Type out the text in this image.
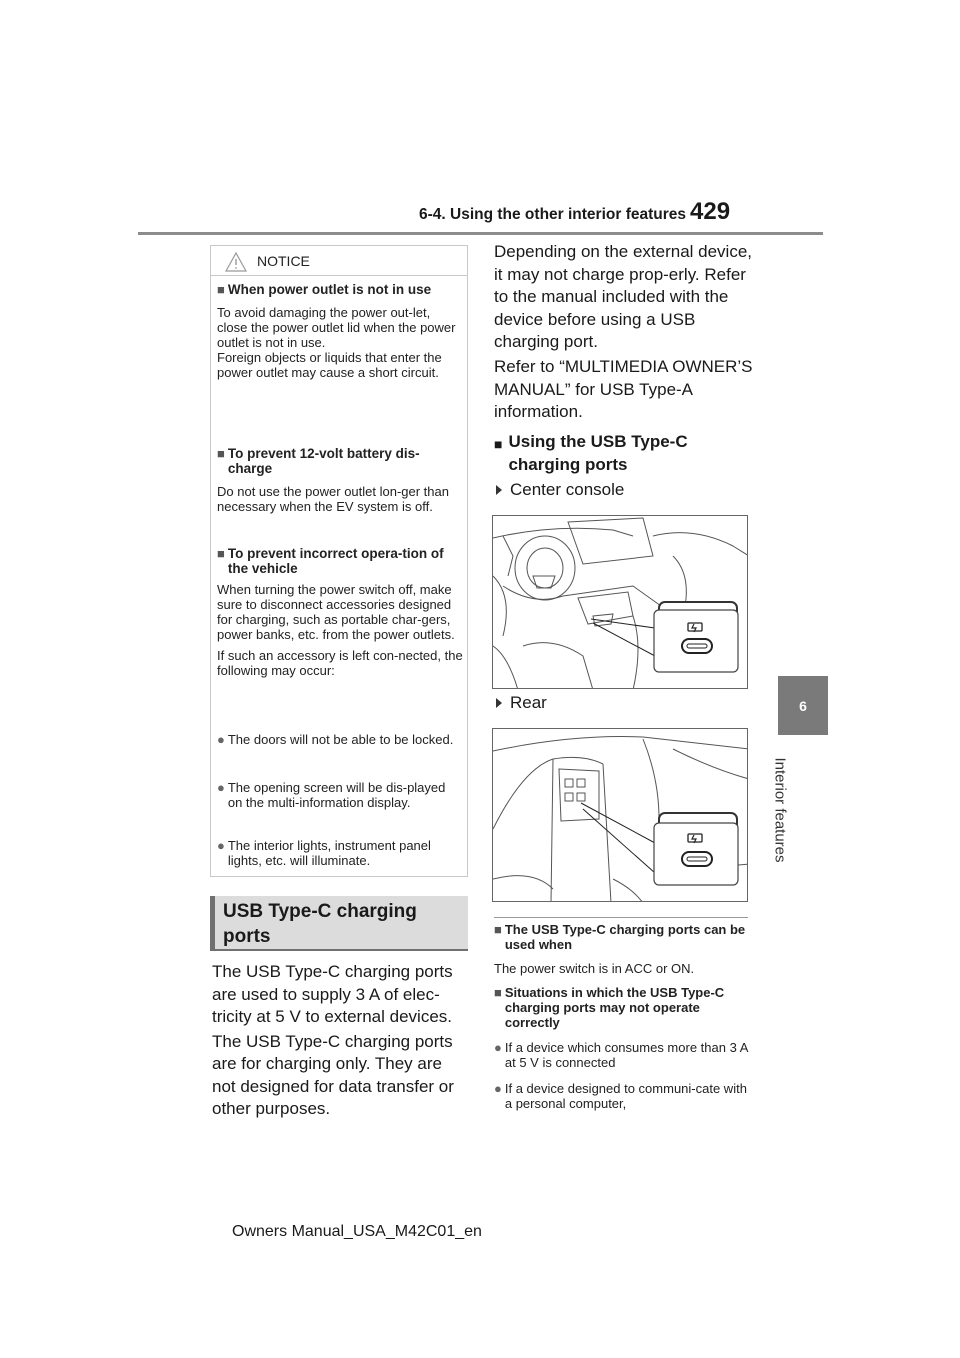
6-4. Using the other interior features 429
6
Interior features
NOTICE
■ When power outlet is not in use
To avoid damaging the power out-let, close the power outlet lid when the power outlet is not in use.
Foreign objects or liquids that enter the power outlet may cause a short circuit.
■ To prevent 12-volt battery dis-charge
Do not use the power outlet lon-ger than necessary when the EV system is off.
■ To prevent incorrect opera-tion of the vehicle
When turning the power switch off, make sure to disconnect accessories designed for charging, such as portable char-gers, power banks, etc. from the power outlets.
If such an accessory is left con-nected, the following may occur:
● The doors will not be able to be locked.
● The opening screen will be dis-played on the multi-information display.
● The interior lights, instrument panel lights, etc. will illuminate.
USB Type-C charging ports
The USB Type-C charging ports are used to supply 3 A of elec-tricity at 5 V to external devices.
The USB Type-C charging ports are for charging only. They are not designed for data transfer or other purposes.
Depending on the external device, it may not charge prop-erly. Refer to the manual included with the device before using a USB charging port.
Refer to “MULTIMEDIA OWNER’S MANUAL” for USB Type-A information.
■ Using the USB Type-C charging ports
Center console
Rear
■ The USB Type-C charging ports can be used when
The power switch is in ACC or ON.
■ Situations in which the USB Type-C charging ports may not operate correctly
● If a device which consumes more than 3 A at 5 V is connected
● If a device designed to communi-cate with a personal computer,
Owners Manual_USA_M42C01_en
